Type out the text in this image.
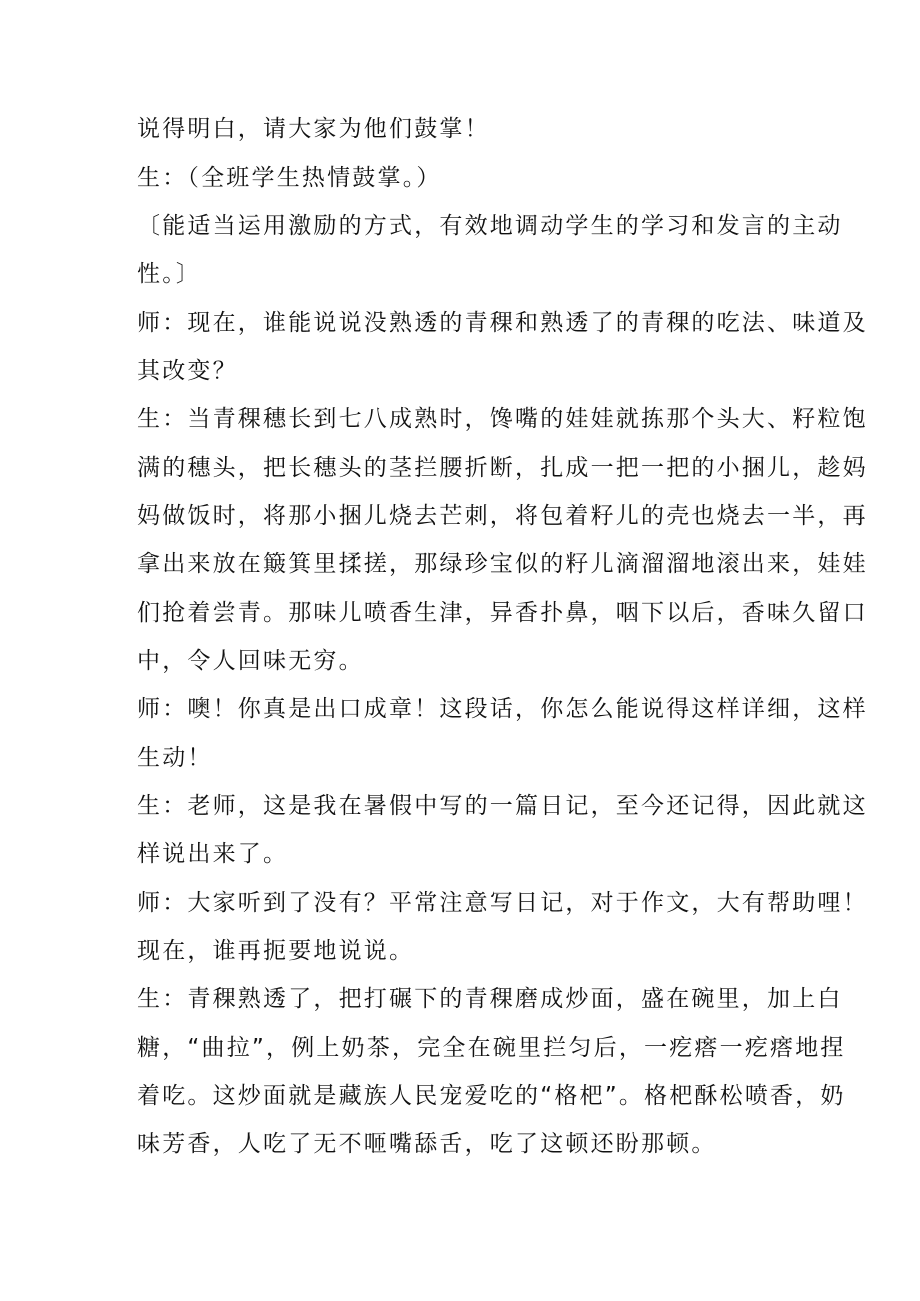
说得明白，请大家为他们鼓掌！
生：（全班学生热情鼓掌。）
〔能适当运用激励的方式，有效地调动学生的学习和发言的主动
性。〕
师：现在，谁能说说没熟透的青稞和熟透了的青稞的吃法、味道及
其改变？
生：当青稞穗长到七八成熟时，馋嘴的娃娃就拣那个头大、籽粒饱
满的穗头，把长穗头的茎拦腰折断，扎成一把一把的小捆儿，趁妈
妈做饭时，将那小捆儿烧去芒刺，将包着籽儿的壳也烧去一半，再
拿出来放在簸箕里揉搓，那绿珍宝似的籽儿滴溜溜地滚出来，娃娃
们抢着尝青。那味儿喷香生津，异香扑鼻，咽下以后，香味久留口
中，令人回味无穷。
师：噢！你真是出口成章！这段话，你怎么能说得这样详细，这样
生动！
生：老师，这是我在暑假中写的一篇日记，至今还记得，因此就这
样说出来了。
师：大家听到了没有？平常注意写日记，对于作文，大有帮助哩！
现在，谁再扼要地说说。
生：青稞熟透了，把打碾下的青稞磨成炒面，盛在碗里，加上白
糖，“曲拉”，例上奶茶，完全在碗里拦匀后，一疙瘩一疙瘩地捏
着吃。这炒面就是藏族人民宠爱吃的“格杷”。格杷酥松喷香，奶
味芳香，人吃了无不咂嘴舔舌，吃了这顿还盼那顿。
